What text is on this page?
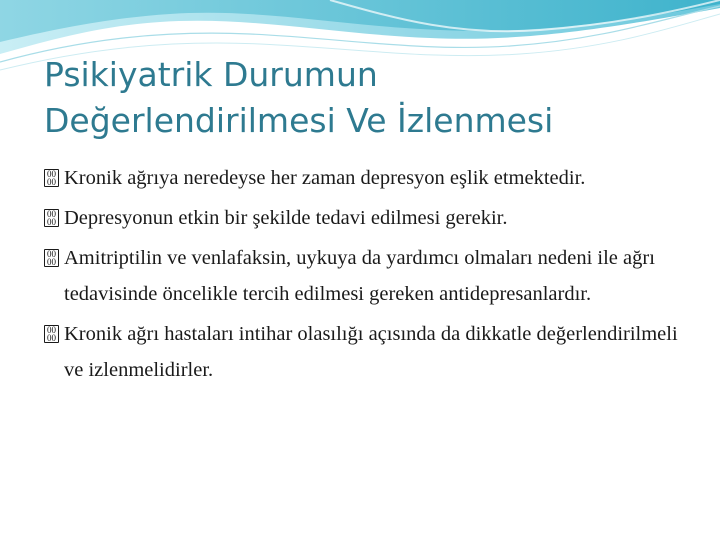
Psikiyatrik Durumun
Değerlendirilmesi Ve İzlenmesi
00
00 Kronik ağrıya neredeyse her zaman depresyon eşlik etmektedir.
00
00 Depresyonun etkin bir şekilde tedavi edilmesi gerekir.
00
00 Amitriptilin ve venlafaksin, uykuya da yardımcı olmaları nedeni ile ağrı tedavisinde öncelikle tercih edilmesi gereken antidepresanlardır.
00
00 Kronik ağrı hastaları intihar olasılığı açısında da dikkatle değerlendirilmeli ve izlenmelidirler.
